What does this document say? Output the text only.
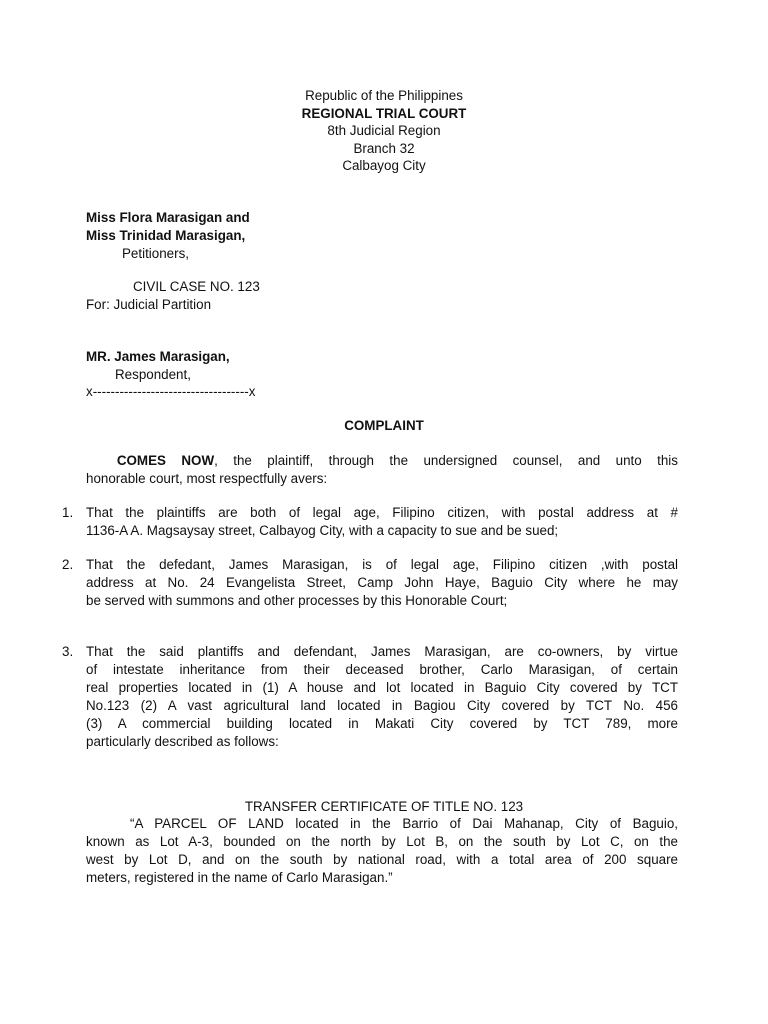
Republic of the Philippines
REGIONAL TRIAL COURT
8th Judicial Region
Branch 32
Calbayog City
Miss Flora Marasigan and
Miss Trinidad Marasigan,
Petitioners,
CIVIL CASE NO. 123
For: Judicial Partition
MR. James Marasigan,
Respondent,
x-----------------------------------x
COMPLAINT
COMES NOW, the plaintiff, through the undersigned counsel, and unto this
honorable court, most respectfully avers:
1. That the plaintiffs are both of legal age, Filipino citizen, with postal address at #
1136-A A. Magsaysay street, Calbayog City, with a capacity to sue and be sued;
2. That the defedant, James Marasigan, is of legal age, Filipino citizen ,with postal
address at No. 24 Evangelista Street, Camp John Haye, Baguio City where he may
be served with summons and other processes by this Honorable Court;
3. That the said plantiffs and defendant, James Marasigan, are co-owners, by virtue
of intestate inheritance from their deceased brother, Carlo Marasigan, of certain
real properties located in (1) A house and lot located in Baguio City covered by TCT
No.123 (2) A vast agricultural land located in Bagiou City covered by TCT No. 456
(3) A commercial building located in Makati City covered by TCT 789, more
particularly described as follows:
TRANSFER CERTIFICATE OF TITLE NO. 123
“A PARCEL OF LAND located in the Barrio of Dai Mahanap, City of Baguio,
known as Lot A-3, bounded on the north by Lot B, on the south by Lot C, on the
west by Lot D, and on the south by national road, with a total area of 200 square
meters, registered in the name of Carlo Marasigan.”
